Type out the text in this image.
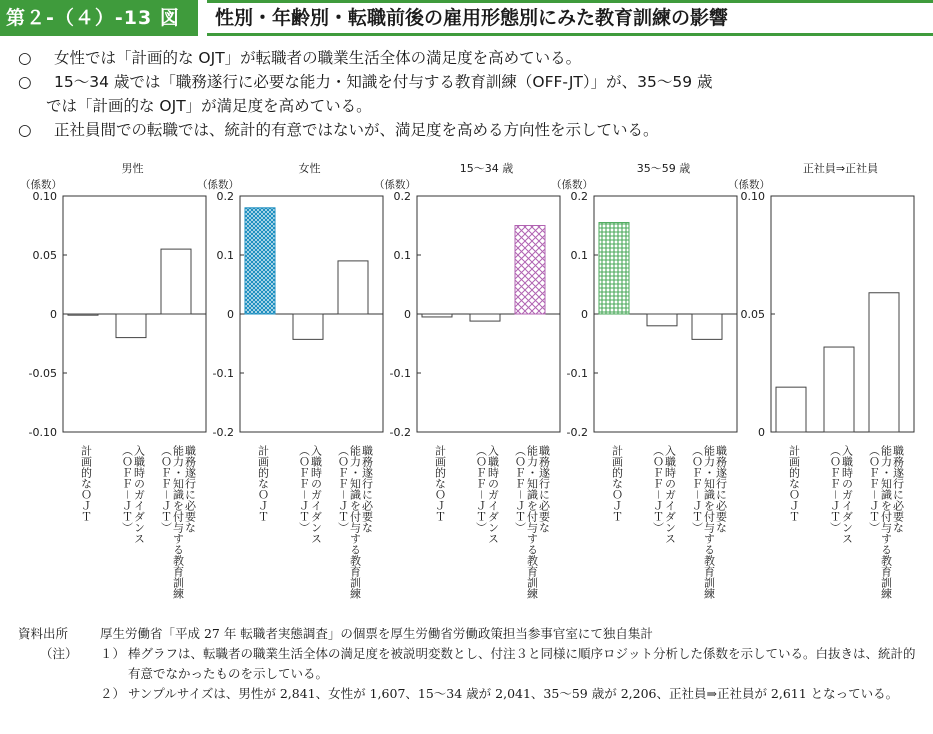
第２-（４）-13 図	性別・年齢別・転職前後の雇用形態別にみた教育訓練の影響
○ 女性では「計画的な OJT」が転職者の職業生活全体の満足度を高めている。
○ 15～34 歳では「職務遂行に必要な能力・知識を付与する教育訓練（OFF-JT）」が、35～59 歳
では「計画的な OJT」が満足度を高めている。
○ 正社員間での転職では、統計的有意ではないが、満足度を高める方向性を示している。
男性
（係数）
0.10
0.05
0
-0.05
-0.10
計画的なＯＪＴ	入職時のガイダンス
（ＯＦＦ－ＪＴ）	職務遂行に必要な
能力・知識を付与する教育訓練
（ＯＦＦ－ＪＴ）
女性
（係数）
0.2
0.1
0
-0.1
-0.2
計画的なＯＪＴ	入職時のガイダンス
（ＯＦＦ－ＪＴ）	職務遂行に必要な
能力・知識を付与する教育訓練
（ＯＦＦ－ＪＴ）
15～34 歳
（係数）
0.2
0.1
0
-0.1
-0.2
計画的なＯＪＴ	入職時のガイダンス
（ＯＦＦ－ＪＴ）	職務遂行に必要な
能力・知識を付与する教育訓練
（ＯＦＦ－ＪＴ）
35～59 歳
（係数）
0.2
0.1
0
-0.1
-0.2
計画的なＯＪＴ	入職時のガイダンス
（ＯＦＦ－ＪＴ）	職務遂行に必要な
能力・知識を付与する教育訓練
（ＯＦＦ－ＪＴ）
正社員⇒正社員
（係数）
0.10
0.05
0
計画的なＯＪＴ	入職時のガイダンス
（ＯＦＦ－ＪＴ）	職務遂行に必要な
能力・知識を付与する教育訓練
（ＯＦＦ－ＪＴ）
資料出所	厚生労働省「平成 27 年 転職者実態調査」の個票を厚生労働省労働政策担当参事官室にて独自集計
（注） １） 棒グラフは、転職者の職業生活全体の満足度を被説明変数とし、付注３と同様に順序ロジット分析した係数を示している。白抜きは、統計的有意でなかったものを示している。
２） サンプルサイズは、男性が 2,841、女性が 1,607、15～34 歳が 2,041、35～59 歳が 2,206、正社員⇒正社員が 2,611 となっている。
